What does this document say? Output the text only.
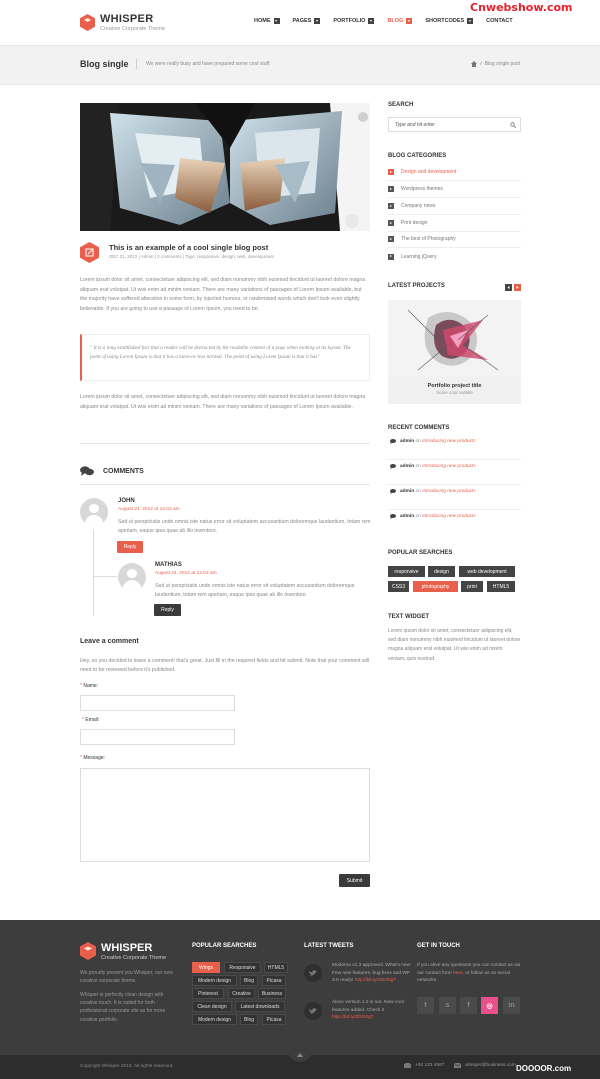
WHISPER
Creative Corporate Theme
Cnwebshow.com
HOME	PAGES	PORTFOLIO	BLOG	SHORTCODES	CONTACT
Blog single	We were really busy and have prepared some cool stuff.	/ Blog single post
This is an example of a cool single blog post
DEC 21, 2012 | Admin | 2 comments | Tags: responsive, design, web, development

Lorem ipsum dolor sit amet, consectetuer adipiscing elit, sed diam nonummy nibh euismod tincidunt ut laoreet dolore magna aliquam erat volutpat. Ut wisi enim ad minim veniam. There are many variations of passages of Lorem Ipsum available, but the majority have suffered alteration in some form, by injected humour, or randomised words which don't look even slightly believable. If you are going to use a passage of Lorem Ipsum, you need to be.

" It is a long established fact that a reader will be distracted by the readable content of a page when looking at its layout. The point of using Lorem Ipsum is that it has a more-or-less normal. The point of using Lorem Ipsum is that it has"

Lorem ipsum dolor sit amet, consectetuer adipiscing elit, sed diam nonummy nibh euismod tincidunt ut laoreet dolore magna aliquam erat volutpat. Ut wisi enim ad minim veniam. There are many variations of passages of Lorem Ipsum available.

COMMENTS
JOHN
August 24, 2012 at 12:02 am
Sed ut perspiciatis unde omnis iste natus error sit voluptatem accusantium doloremque laudantium, totam rem aperiam, eaque ipsa quae ab illo inventore.
Reply
MATHIAS
August 24, 2012 at 12:02 am
Sed ut perspiciatis unde omnis iste natus error sit voluptatem accusantium doloremque laudantium, totam rem aperiam, eaque ipsa quae ab illo inventore.
Reply
Leave a comment

Hey, so you decided to leave a comment! that's great. Just fill in the required fields and hit submit. Note that your comment will need to be reviewed before it's published.

* Name:
* Email:
* Message:
Submit
SEARCH
Type and hit enter
BLOG CATEGORIES
Design and development
Wordpress themes
Company news
Print design
The best of Photography
Learning jQuery
LATEST PROJECTS
Portfolio project title
Some cool subtitle
RECENT COMMENTS
admin on Introducing new products
admin on Introducing new products
admin on Introducing new products
admin on Introducing new products
POPULAR SEARCHES
responsive	design	web development
CSS3	photography	print	HTML5
TEXT WIDGET
Lorem ipsum dolor sit amet, consectetuer adipiscing elit, sed diam nonummy nibh euismod tincidunt ut laoreet dolore magna aliquam erat volutpat. Ut wisi enim ad minim veniam, quis nostrud.
WHISPER
Creative Corporate Theme

We proudly present you Whisper, our new creative corporate theme.

Whisper is perfectly clean design with creative touch. It is suited for both professional corporate site as for more creative portfolio.

POPULAR SEARCHES
Wings	Responsive	HTML5
Modern design	Blog	Picasa
Pinterest	Creative	Business
Clean design	Latest downloads
Modern design	Blog	Picasa
LATEST TWEETS
Moderna v1.3 approved. What's new: Few new features, bug fixes and WP 3.5 ready! http://bit.ly/ZDO0gT
Alexx version 1.2 is out. New cool features added. Check it http://bit.ly/ZDO0gT
GET IN TOUCH
If you ahve any questions you can contact us via our contact form here, or follow us on social networks.
t	s	f	◎	in
Copyright Whisper 2013. All rights reserved.	+00 123 4567	whisper@business.com DOOOOR.com
